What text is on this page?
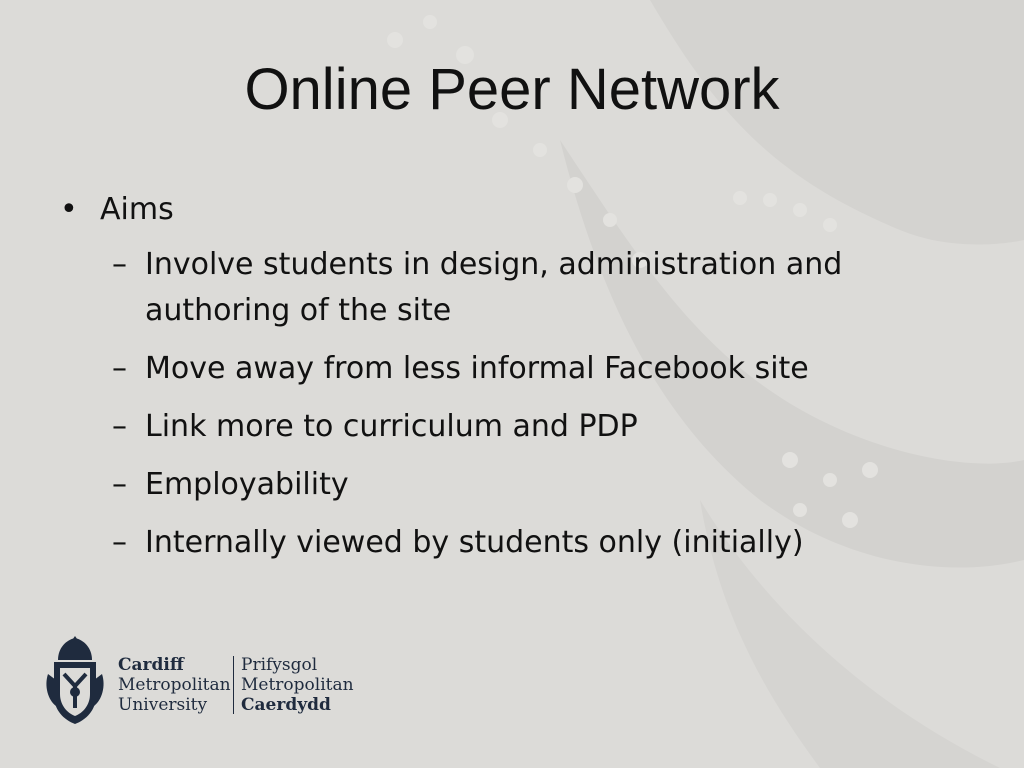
Online Peer Network
• Aims
– Involve students in design, administration and
authoring of the site
– Move away from less informal Facebook site
– Link more to curriculum and PDP
– Employability
– Internally viewed by students only (initially)
Cardiff
Metropolitan
University
Prifysgol
Metropolitan
Caerdydd
